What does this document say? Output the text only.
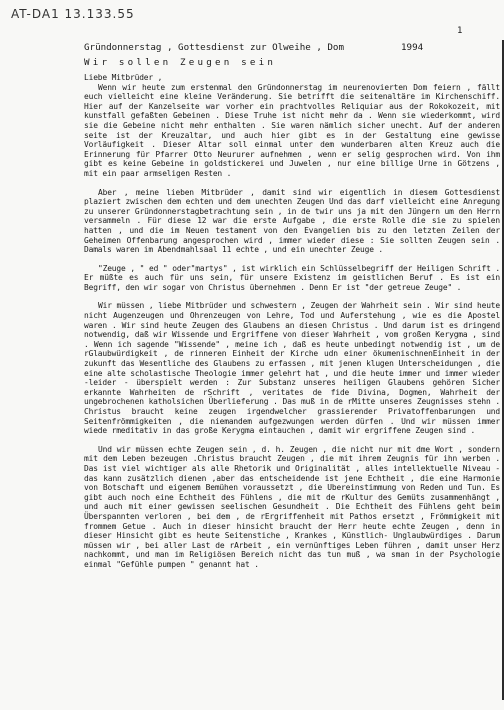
AT-DA1 13.133.55
1
Gründonnerstag , Gottesdienst zur Olweihe , Dom	1994
Wir sollen Zeugen sein

Liebe Mitbrüder ,

Wenn wir heute zum erstenmal den Gründonnerstag im neurenovierten Dom feiern , fällt euch vielleicht eine kleine Veränderung. Sie betrifft die seitenaltäre im Kirchenschiff. Hier auf der Kanzelseite war vorher ein prachtvolles Reliquiar aus der Rokokozeit, mit kunstfall gefaßten Gebeinen . Diese Truhe ist nicht mehr da . Wenn sie wiederkommt, wird sie die Gebeine nicht mehr enthalten . Sie waren nämlich sicher unecht. Auf der anderen seite ist der Kreuzaltar, und auch hier gibt es in der Gestaltung eine gewisse Vorläufigkeit . Dieser Altar soll einmal unter dem wunderbaren alten Kreuz auch die Erinnerung für Pfarrer Otto Neururer aufnehmen , wenn er selig gesprochen wird. Von ihm gibt es keine Gebeine in goldstickerei und Juwelen , nur eine billige Urne in Götzens , mit ein paar armseligen Resten .

Aber , meine lieben Mitbrüder , damit sind wir eigentlich in diesem Gottesdienst plaziert zwischen dem echten und dem unechten Zeugen Und das darf vielleicht eine Anregung zu unserer Gründonnerstagbetrachtung sein , in de twir uns ja mit den Jüngern um den Herrn versammeln . Für diese 12 war die erste Aufgabe , die erste Rolle die sie zu spielen hatten , und die im Neuen testament von den Evangelien bis zu den letzten Zeilen der Geheimen Offenbarung angesprochen wird , immer wieder diese : Sie sollten Zeugen sein . Damals waren im Abendmahlsaal 11 echte , und ein unechter Zeuge .

"Zeuge , " ed " oder"martys" , ist wirklich ein Schlüsselbegriff der Heiligen Schrift . Er müßte es auch für uns sein, für unsere Existenz im geistlichen Beruf . Es ist ein Begriff, den wir sogar von Christus übernehmen . Denn Er ist "der getreue Zeuge" .

Wir müssen , liebe Mitbrüder und schwestern , Zeugen der Wahrheit sein . Wir sind heute nicht Augenzeugen und Ohrenzeugen von Lehre, Tod und Auferstehung , wie es die Apostel waren . Wir sind heute Zeugen des Glaubens an diesen Christus . Und darum ist es dringend notwendig, daß wir Wissende und Ergriffene von dieser Wahrheit , vom großen Kerygma , sind . Wenn ich sagende "Wissende" , meine ich , daß es heute unbedingt notwendig ist , um de rGlaubwürdigkeit , de rinneren Einheit der Kirche udn einer ökumenischnenEinheit in der zukunft das Wesentliche des Glaubens zu erfassen , mit jenen klugen Unterscheidungen , die eine alte scholastische Theologie immer gelehrt hat , und die heute immer und immer wieder -leider - überspielt werden : Zur Substanz unseres heiligen Glaubens gehören Sicher erkannte Wahrheiten de rSchrift , veritates de fide Divina, Dogmen, Wahrheit der ungebrochenen katholsichen Überlieferung . Das muß in de rMitte unseres Zeugnisses stehn . Christus braucht keine zeugen irgendwelcher grassierender Privatoffenbarungen und Seitenfrömmigkeiten , die niemandem aufgezwungen werden dürfen . Und wir müssen immer wiede rmeditativ in das große Kerygma eintauchen , damit wir ergriffene Zeugen sind .

Und wir müssen echte Zeugen sein , d. h. Zeugen , die nicht nur mit dme Wort , sondern mit dem Leben bezeugen .Christus braucht Zeugen , die mit ihrem Zeugnis für ihn werben . Das ist viel wichtiger als alle Rhetorik und Originalität , alles intellektuelle Niveau - das kann zusätzlich dienen ,aber das entscheidende ist jene Echtheit , die eine Harmonie von Botschaft und eigenem Bemühen voraussetzt , die Ubereinstimmung von Reden und Tun. Es gibt auch noch eine Echtheit des Fühlens , die mit de rKultur des Gemüts zusammenhängt , und auch mit einer gewissen seelischen Gesundheit . Die Echtheit des Fühlens geht beim Überspannten verloren , bei dem , de rErgriffenheit mit Pathos ersetzt , Frömmigkeit mit frommem Getue . Auch in dieser hinsicht braucht der Herr heute echte Zeugen , denn in dieser Hinsicht gibt es heute Seitenstiche , Krankes , Künstlich- Unglaubwürdiges . Darum müssen wir , bei aller Last de rArbeit , ein vernünftiges Leben führen , damit unser Herz nachkommt, und man im Religiösen Bereich nicht das tun muß , wa sman in der Psychologie einmal "Gefühle pumpen " genannt hat .
